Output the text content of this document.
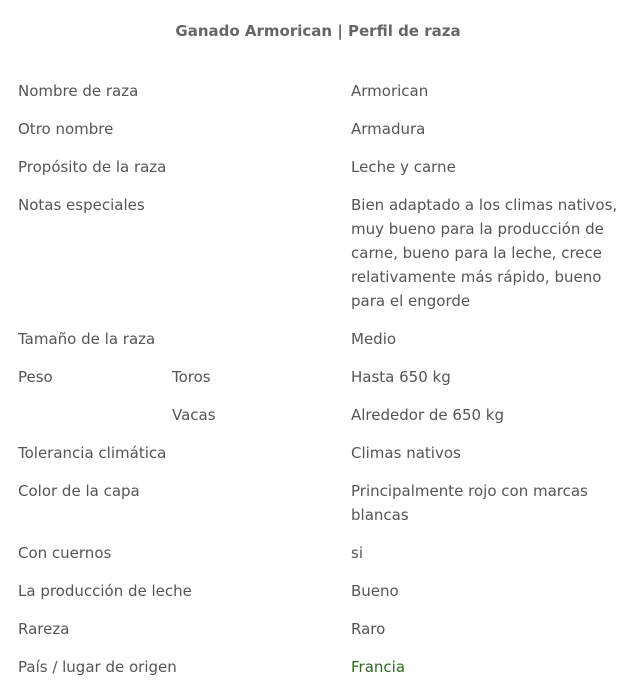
Ganado Armorican | Perfil de raza
Nombre de raza		Armorican
Otro nombre		Armadura
Propósito de la raza		Leche y carne
Notas especiales		Bien adaptado a los climas nativos, muy bueno para la producción de carne, bueno para la leche, crece relativamente más rápido, bueno para el engorde
Tamaño de la raza		Medio
Peso	Toros	Hasta 650 kg
	Vacas	Alrededor de 650 kg
Tolerancia climática		Climas nativos
Color de la capa		Principalmente rojo con marcas blancas
Con cuernos		si
La producción de leche		Bueno
Rareza		Raro
País / lugar de origen		Francia
